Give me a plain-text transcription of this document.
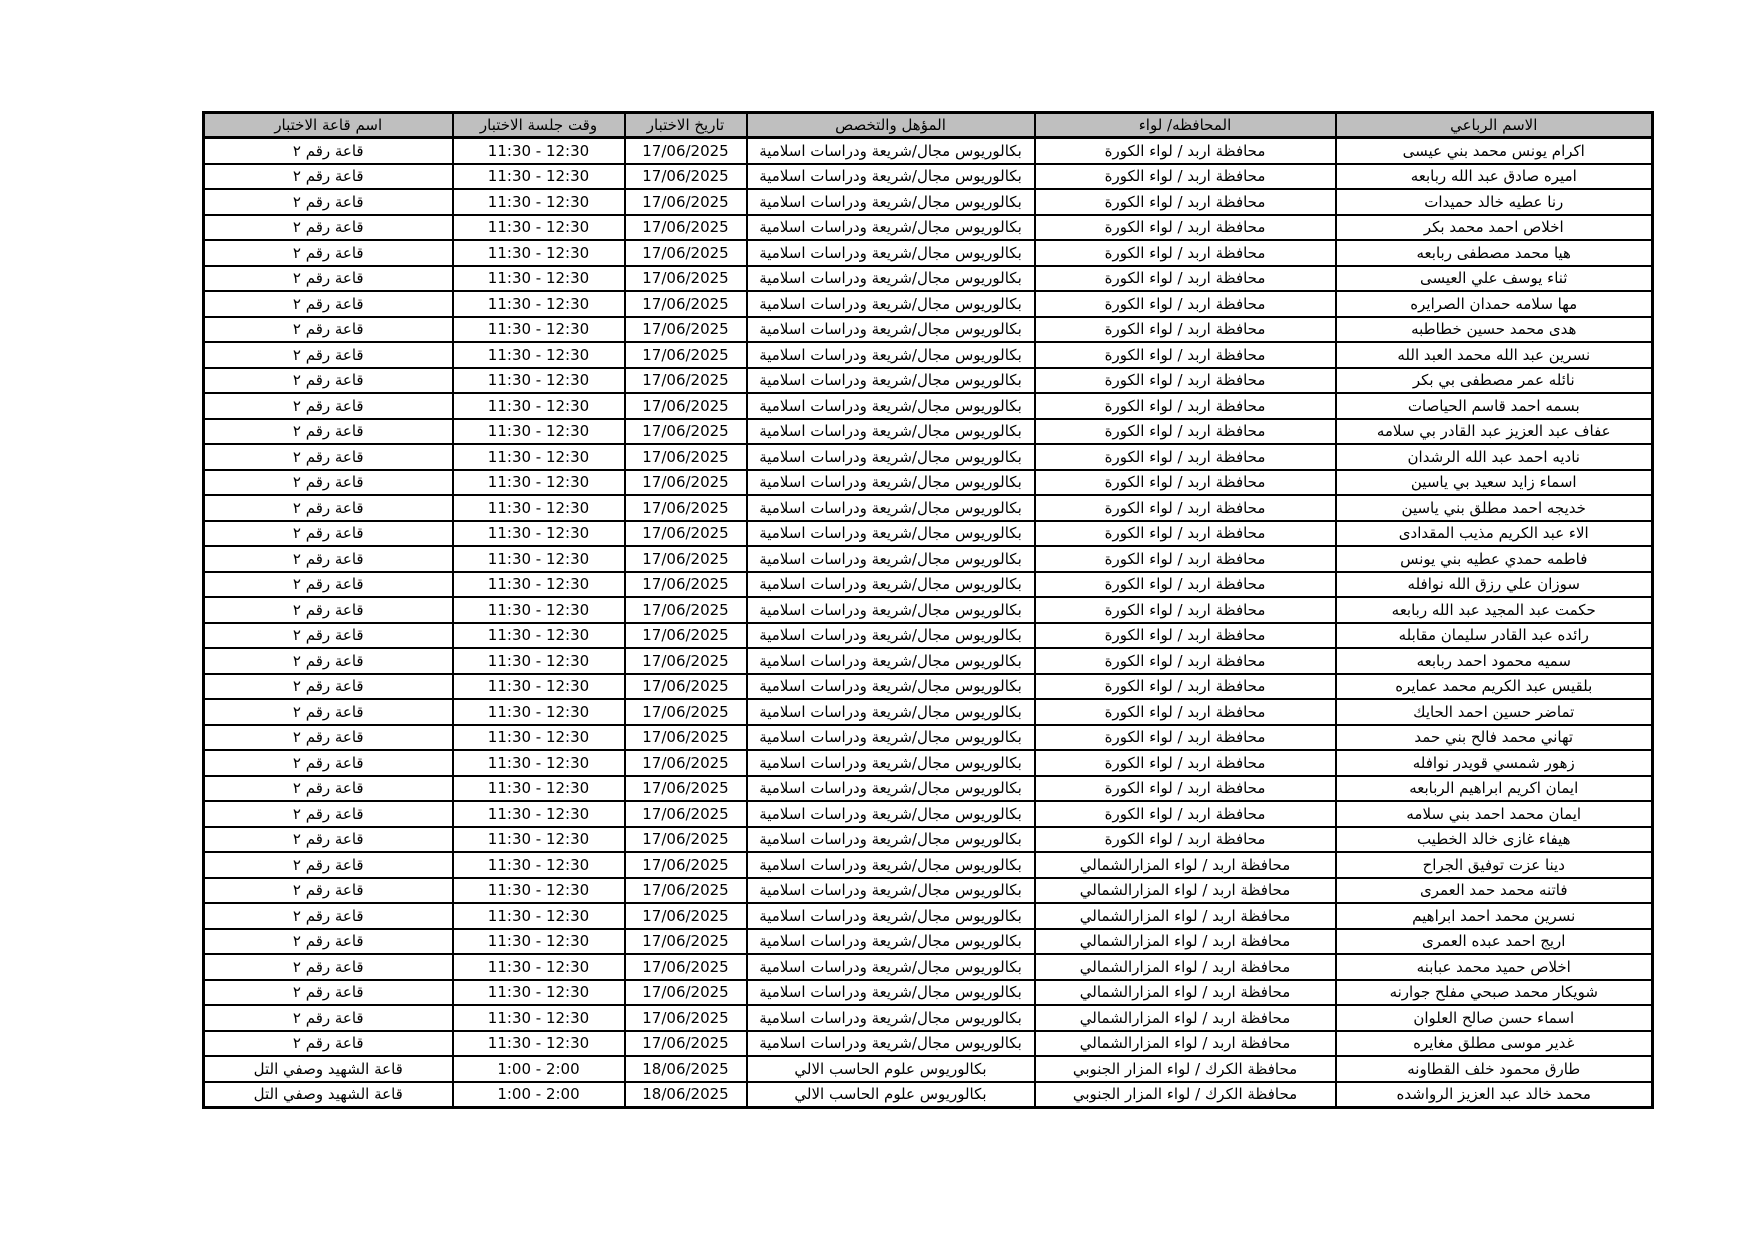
الاسم الرباعي	المحافظه/ لواء	المؤهل والتخصص	تاريخ الاختبار	وقت جلسة الاختبار	اسم قاعة الاختبار
اكرام يونس محمد بني عيسى	محافظة اربد / لواء الكورة	بكالوريوس مجال/شريعة ودراسات اسلامية	17/06/2025	11:30 - 12:30	قاعة رقم ٢
اميره صادق عبد الله ربابعه	محافظة اربد / لواء الكورة	بكالوريوس مجال/شريعة ودراسات اسلامية	17/06/2025	11:30 - 12:30	قاعة رقم ٢
رنا عطيه خالد حميدات	محافظة اربد / لواء الكورة	بكالوريوس مجال/شريعة ودراسات اسلامية	17/06/2025	11:30 - 12:30	قاعة رقم ٢
اخلاص احمد محمد بكر	محافظة اربد / لواء الكورة	بكالوريوس مجال/شريعة ودراسات اسلامية	17/06/2025	11:30 - 12:30	قاعة رقم ٢
هيا محمد مصطفى ربابعه	محافظة اربد / لواء الكورة	بكالوريوس مجال/شريعة ودراسات اسلامية	17/06/2025	11:30 - 12:30	قاعة رقم ٢
ثناء يوسف علي العيسى	محافظة اربد / لواء الكورة	بكالوريوس مجال/شريعة ودراسات اسلامية	17/06/2025	11:30 - 12:30	قاعة رقم ٢
مها سلامه حمدان الصرايره	محافظة اربد / لواء الكورة	بكالوريوس مجال/شريعة ودراسات اسلامية	17/06/2025	11:30 - 12:30	قاعة رقم ٢
هدى محمد حسين خطاطبه	محافظة اربد / لواء الكورة	بكالوريوس مجال/شريعة ودراسات اسلامية	17/06/2025	11:30 - 12:30	قاعة رقم ٢
نسرين عبد الله محمد العبد الله	محافظة اربد / لواء الكورة	بكالوريوس مجال/شريعة ودراسات اسلامية	17/06/2025	11:30 - 12:30	قاعة رقم ٢
نائله عمر مصطفى بي بكر	محافظة اربد / لواء الكورة	بكالوريوس مجال/شريعة ودراسات اسلامية	17/06/2025	11:30 - 12:30	قاعة رقم ٢
بسمه احمد قاسم الحياصات	محافظة اربد / لواء الكورة	بكالوريوس مجال/شريعة ودراسات اسلامية	17/06/2025	11:30 - 12:30	قاعة رقم ٢
عفاف عبد العزيز عبد القادر بي سلامه	محافظة اربد / لواء الكورة	بكالوريوس مجال/شريعة ودراسات اسلامية	17/06/2025	11:30 - 12:30	قاعة رقم ٢
ناديه احمد عبد الله الرشدان	محافظة اربد / لواء الكورة	بكالوريوس مجال/شريعة ودراسات اسلامية	17/06/2025	11:30 - 12:30	قاعة رقم ٢
اسماء زايد سعيد بي ياسين	محافظة اربد / لواء الكورة	بكالوريوس مجال/شريعة ودراسات اسلامية	17/06/2025	11:30 - 12:30	قاعة رقم ٢
خديجه احمد مطلق بني ياسين	محافظة اربد / لواء الكورة	بكالوريوس مجال/شريعة ودراسات اسلامية	17/06/2025	11:30 - 12:30	قاعة رقم ٢
الاء عبد الكريم مذيب المقدادى	محافظة اربد / لواء الكورة	بكالوريوس مجال/شريعة ودراسات اسلامية	17/06/2025	11:30 - 12:30	قاعة رقم ٢
فاطمه حمدي عطيه بني يونس	محافظة اربد / لواء الكورة	بكالوريوس مجال/شريعة ودراسات اسلامية	17/06/2025	11:30 - 12:30	قاعة رقم ٢
سوزان علي رزق الله نوافله	محافظة اربد / لواء الكورة	بكالوريوس مجال/شريعة ودراسات اسلامية	17/06/2025	11:30 - 12:30	قاعة رقم ٢
حكمت عبد المجيد عبد الله ربابعه	محافظة اربد / لواء الكورة	بكالوريوس مجال/شريعة ودراسات اسلامية	17/06/2025	11:30 - 12:30	قاعة رقم ٢
رائده عبد القادر سليمان مقابله	محافظة اربد / لواء الكورة	بكالوريوس مجال/شريعة ودراسات اسلامية	17/06/2025	11:30 - 12:30	قاعة رقم ٢
سميه محمود احمد ربابعه	محافظة اربد / لواء الكورة	بكالوريوس مجال/شريعة ودراسات اسلامية	17/06/2025	11:30 - 12:30	قاعة رقم ٢
بلقيس عبد الكريم محمد عمايره	محافظة اربد / لواء الكورة	بكالوريوس مجال/شريعة ودراسات اسلامية	17/06/2025	11:30 - 12:30	قاعة رقم ٢
تماضر حسين احمد الحايك	محافظة اربد / لواء الكورة	بكالوريوس مجال/شريعة ودراسات اسلامية	17/06/2025	11:30 - 12:30	قاعة رقم ٢
تهاني محمد فالح بني حمد	محافظة اربد / لواء الكورة	بكالوريوس مجال/شريعة ودراسات اسلامية	17/06/2025	11:30 - 12:30	قاعة رقم ٢
زهور شمسي قويدر نوافله	محافظة اربد / لواء الكورة	بكالوريوس مجال/شريعة ودراسات اسلامية	17/06/2025	11:30 - 12:30	قاعة رقم ٢
ايمان اكريم ابراهيم الربابعه	محافظة اربد / لواء الكورة	بكالوريوس مجال/شريعة ودراسات اسلامية	17/06/2025	11:30 - 12:30	قاعة رقم ٢
ايمان محمد احمد بني سلامه	محافظة اربد / لواء الكورة	بكالوريوس مجال/شريعة ودراسات اسلامية	17/06/2025	11:30 - 12:30	قاعة رقم ٢
هيفاء غازى خالد الخطيب	محافظة اربد / لواء الكورة	بكالوريوس مجال/شريعة ودراسات اسلامية	17/06/2025	11:30 - 12:30	قاعة رقم ٢
دينا عزت توفيق الجراح	محافظة اربد / لواء المزارالشمالي	بكالوريوس مجال/شريعة ودراسات اسلامية	17/06/2025	11:30 - 12:30	قاعة رقم ٢
فاتنه محمد حمد العمرى	محافظة اربد / لواء المزارالشمالي	بكالوريوس مجال/شريعة ودراسات اسلامية	17/06/2025	11:30 - 12:30	قاعة رقم ٢
نسرين محمد احمد ابراهيم	محافظة اربد / لواء المزارالشمالي	بكالوريوس مجال/شريعة ودراسات اسلامية	17/06/2025	11:30 - 12:30	قاعة رقم ٢
اريج احمد عبده العمرى	محافظة اربد / لواء المزارالشمالي	بكالوريوس مجال/شريعة ودراسات اسلامية	17/06/2025	11:30 - 12:30	قاعة رقم ٢
اخلاص حميد محمد عبابنه	محافظة اربد / لواء المزارالشمالي	بكالوريوس مجال/شريعة ودراسات اسلامية	17/06/2025	11:30 - 12:30	قاعة رقم ٢
شويكار محمد صبحي مفلح جوارنه	محافظة اربد / لواء المزارالشمالي	بكالوريوس مجال/شريعة ودراسات اسلامية	17/06/2025	11:30 - 12:30	قاعة رقم ٢
اسماء حسن صالح العلوان	محافظة اربد / لواء المزارالشمالي	بكالوريوس مجال/شريعة ودراسات اسلامية	17/06/2025	11:30 - 12:30	قاعة رقم ٢
غدير موسى مطلق مغايره	محافظة اربد / لواء المزارالشمالي	بكالوريوس مجال/شريعة ودراسات اسلامية	17/06/2025	11:30 - 12:30	قاعة رقم ٢
طارق محمود خلف القطاونه	محافظة الكرك / لواء المزار الجنوبي	بكالوريوس علوم الحاسب الالي	18/06/2025	1:00 - 2:00	قاعة الشهيد وصفي التل
محمد خالد عبد العزيز الرواشده	محافظة الكرك / لواء المزار الجنوبي	بكالوريوس علوم الحاسب الالي	18/06/2025	1:00 - 2:00	قاعة الشهيد وصفي التل
